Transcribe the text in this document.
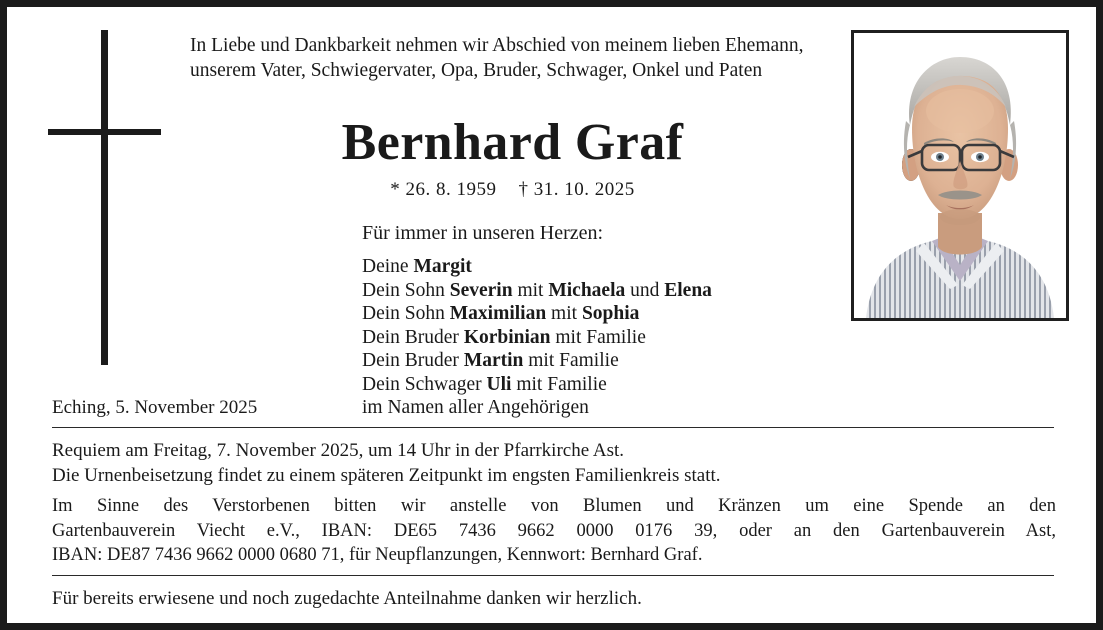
In Liebe und Dankbarkeit nehmen wir Abschied von meinem lieben Ehemann, unserem Vater, Schwiegervater, Opa, Bruder, Schwager, Onkel und Paten
Bernhard Graf
* 26. 8. 1959 † 31. 10. 2025
Für immer in unseren Herzen:
Deine Margit
Dein Sohn Severin mit Michaela und Elena
Dein Sohn Maximilian mit Sophia
Dein Bruder Korbinian mit Familie
Dein Bruder Martin mit Familie
Dein Schwager Uli mit Familie
Eching, 5. November 2025	im Namen aller Angehörigen
Requiem am Freitag, 7. November 2025, um 14 Uhr in der Pfarrkirche Ast.
Die Urnenbeisetzung findet zu einem späteren Zeitpunkt im engsten Familienkreis statt.
Im Sinne des Verstorbenen bitten wir anstelle von Blumen und Kränzen um eine Spende an den
Gartenbauverein Viecht e.V., IBAN: DE65 7436 9662 0000 0176 39, oder an den Gartenbauverein Ast,
IBAN: DE87 7436 9662 0000 0680 71, für Neupflanzungen, Kennwort: Bernhard Graf.
Für bereits erwiesene und noch zugedachte Anteilnahme danken wir herzlich.
